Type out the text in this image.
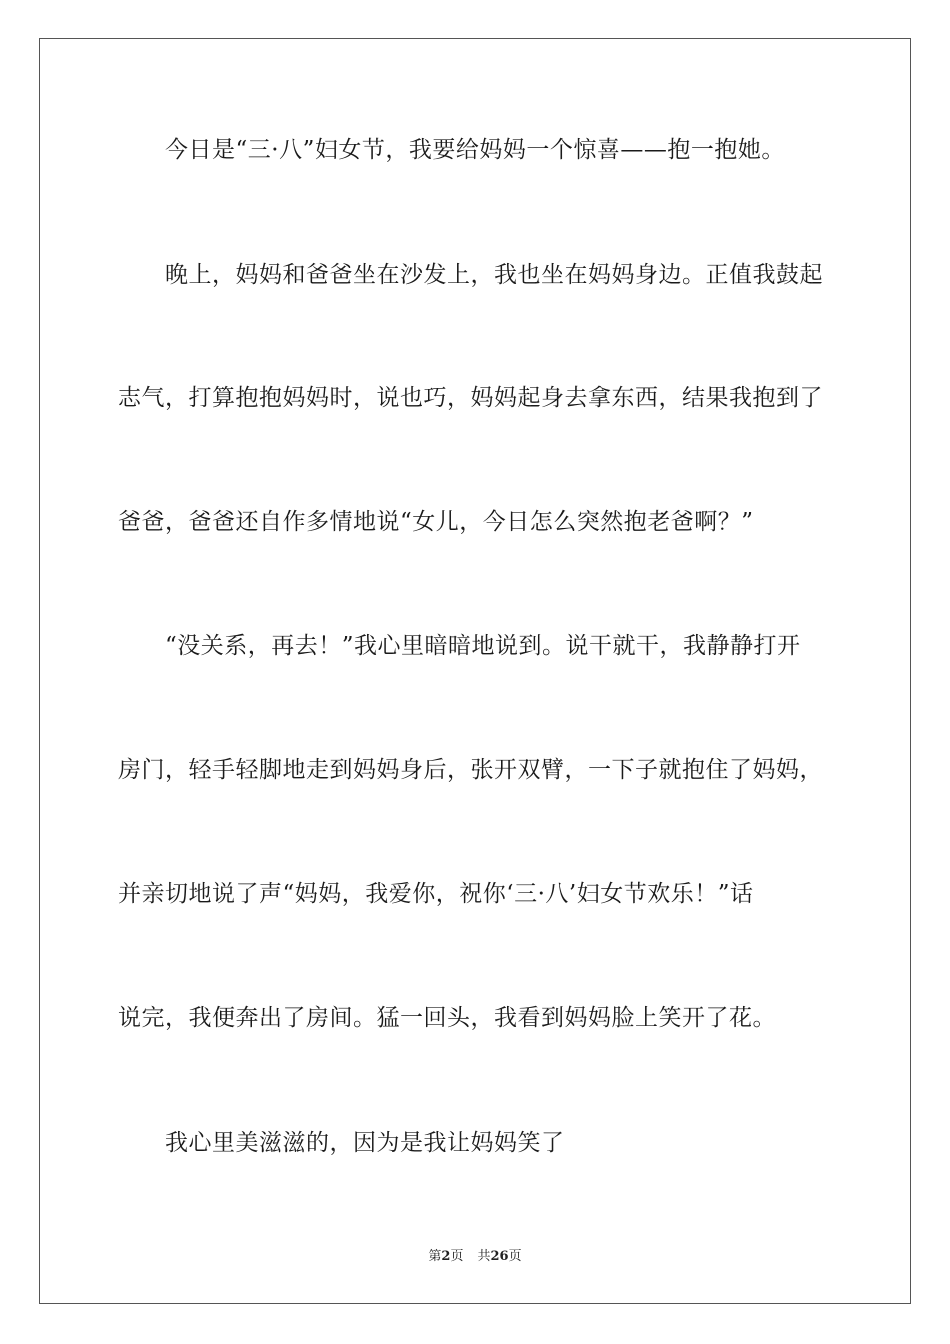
今日是“三·八”妇女节，我要给妈妈一个惊喜——抱一抱她。
晚上，妈妈和爸爸坐在沙发上，我也坐在妈妈身边。正值我鼓起
志气，打算抱抱妈妈时，说也巧，妈妈起身去拿东西，结果我抱到了
爸爸，爸爸还自作多情地说“女儿，今日怎么突然抱老爸啊？”
“没关系，再去！”我心里暗暗地说到。说干就干，我静静打开
房门，轻手轻脚地走到妈妈身后，张开双臂，一下子就抱住了妈妈，
并亲切地说了声“妈妈，我爱你，祝你‘三·八’妇女节欢乐！”话
说完，我便奔出了房间。猛一回头，我看到妈妈脸上笑开了花。
我心里美滋滋的，因为是我让妈妈笑了
第2页 共26页
